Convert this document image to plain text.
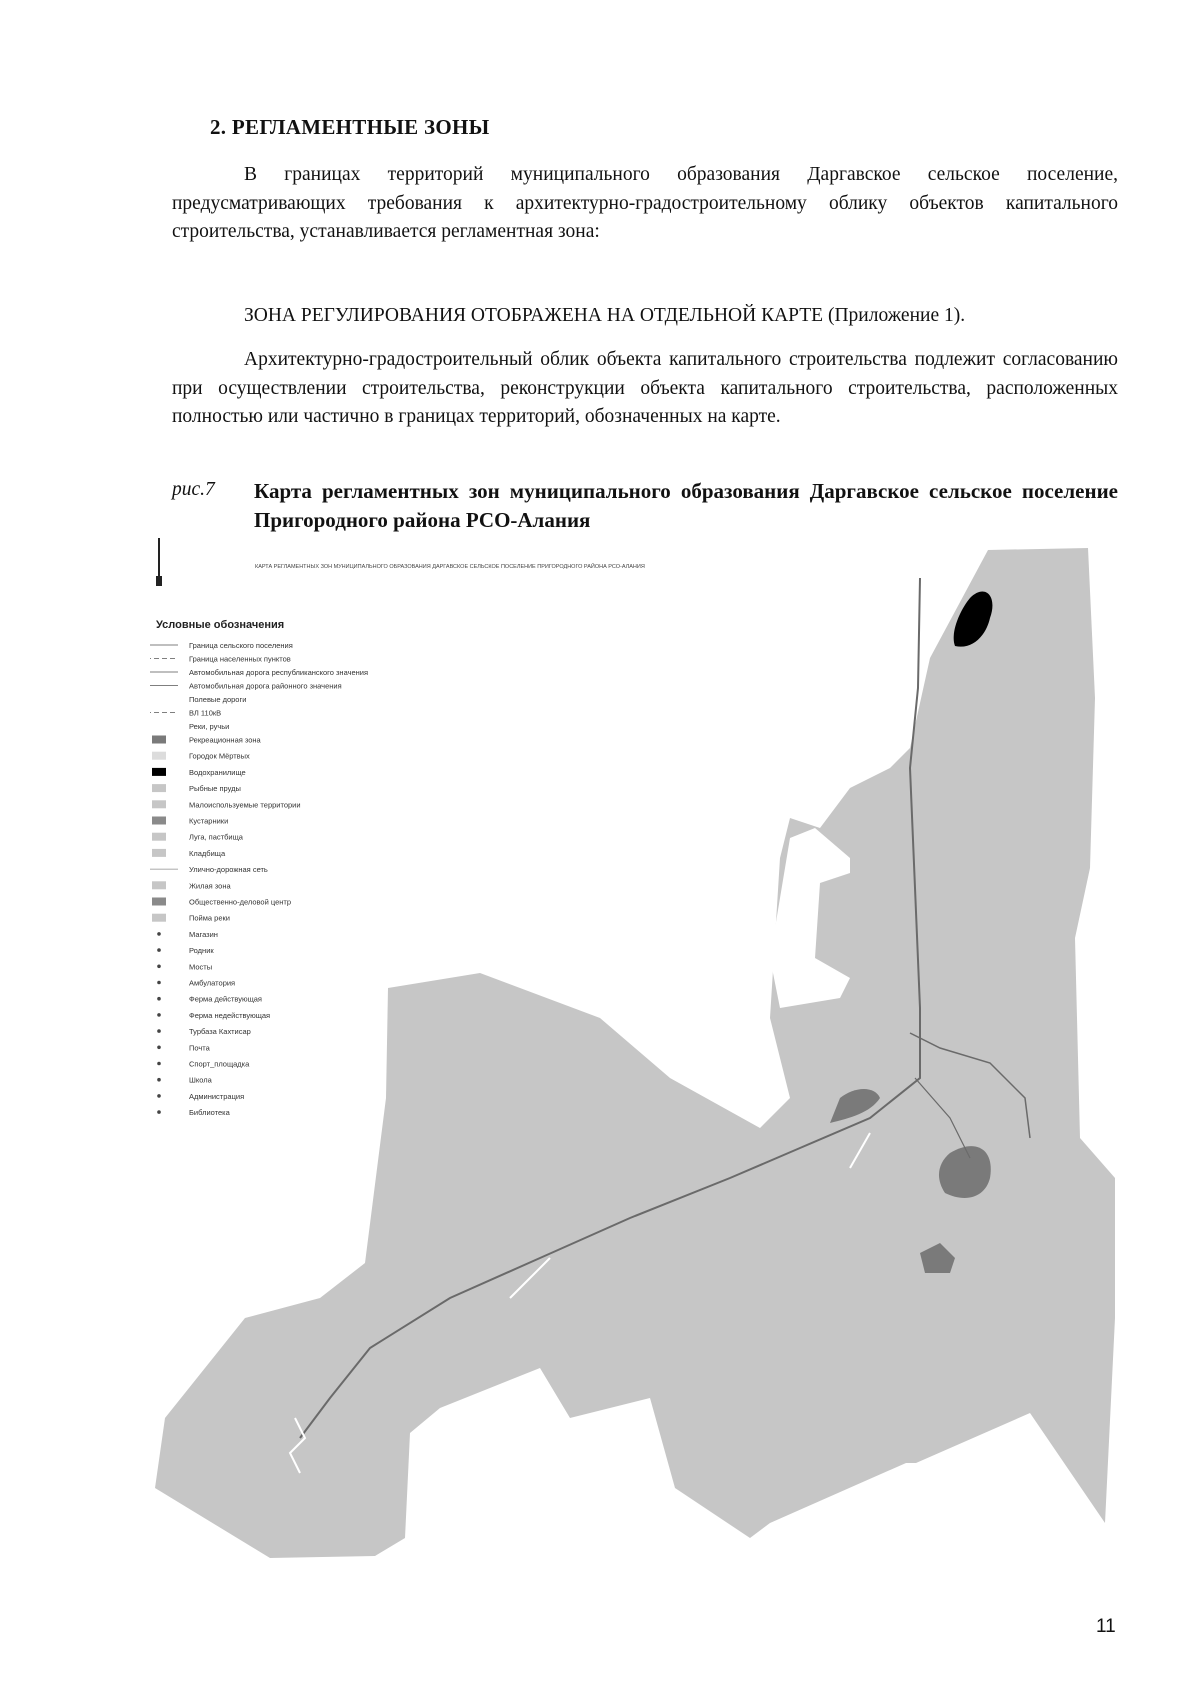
2. РЕГЛАМЕНТНЫЕ ЗОНЫ
В границах территорий муниципального образования Даргавское сельское поселение, предусматривающих требования к архитектурно-градостроительному облику объектов капитального строительства, устанавливается регламентная зона:
ЗОНА РЕГУЛИРОВАНИЯ ОТОБРАЖЕНА НА ОТДЕЛЬНОЙ КАРТЕ (Приложение 1).
Архитектурно-градостроительный облик объекта капитального строительства подлежит согласованию при осуществлении строительства, реконструкции объекта капитального строительства, расположенных полностью или частично в границах территорий, обозначенных на карте.
рис.7 Карта регламентных зон муниципального образования Даргавское сельское поселение Пригородного района РСО-Алания
КАРТА РЕГЛАМЕНТНЫХ ЗОН МУНИЦИПАЛЬНОГО ОБРАЗОВАНИЯ ДАРГАВСКОЕ СЕЛЬСКОЕ ПОСЕЛЕНИЕ ПРИГОРОДНОГО РАЙОНА РСО-АЛАНИЯ
Условные обозначения
Граница сельского поселения
Граница населенных пунктов
Автомобильная дорога республиканского значения
Автомобильная дорога районного значения
Полевые дороги
ВЛ 110кВ
Реки, ручьи
Рекреационная зона
Городок Мёртвых
Водохранилище
Рыбные пруды
Малоиспользуемые территории
Кустарники
Луга, пастбища
Кладбища
Улично-дорожная сеть
Жилая зона
Общественно-деловой центр
Пойма реки
Магазин
Родник
Мосты
Амбулатория
Ферма действующая
Ферма недействующая
Турбаза Кахтисар
Почта
Спорт_площадка
Школа
Администрация
Библиотека
11
